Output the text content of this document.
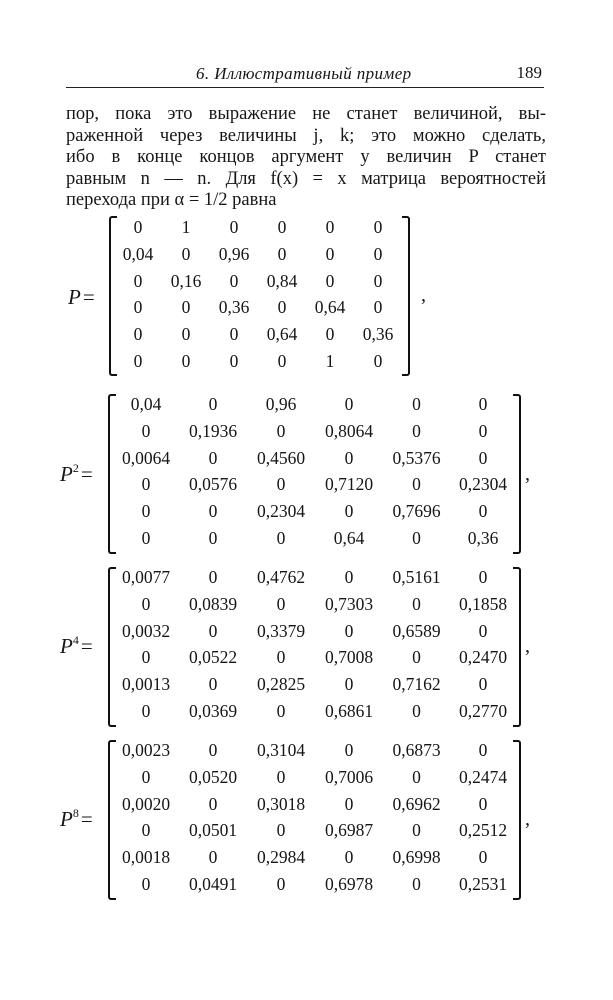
6. Иллюстративный пример	189
пор, пока это выражение не станет величиной, вы-
раженной через величины j, k; это можно сделать,
ибо в конце концов аргумент у величин P станет
равным n — n. Для f(x) = x матрица вероятностей
перехода при α = 1/2 равна
P=
0	1	0	0	0	0
0,04	0	0,96	0	0	0
0	0,16	0	0,84	0	0
0	0	0,36	0	0,64	0
0	0	0	0,64	0	0,36
0	0	0	0	1	0
,
$P^2=$
0,04	0	0,96	0	0	0
0	0,1936	0	0,8064	0	0
0,0064	0	0,4560	0	0,5376	0
0	0,0576	0	0,7120	0	0,2304
0	0	0,2304	0	0,7696	0
0	0	0	0,64	0	0,36
,
$P^4=$
0,0077	0	0,4762	0	0,5161	0
0	0,0839	0	0,7303	0	0,1858
0,0032	0	0,3379	0	0,6589	0
0	0,0522	0	0,7008	0	0,2470
0,0013	0	0,2825	0	0,7162	0
0	0,0369	0	0,6861	0	0,2770
,
$P^8=$
0,0023	0	0,3104	0	0,6873	0
0	0,0520	0	0,7006	0	0,2474
0,0020	0	0,3018	0	0,6962	0
0	0,0501	0	0,6987	0	0,2512
0,0018	0	0,2984	0	0,6998	0
0	0,0491	0	0,6978	0	0,2531
,
